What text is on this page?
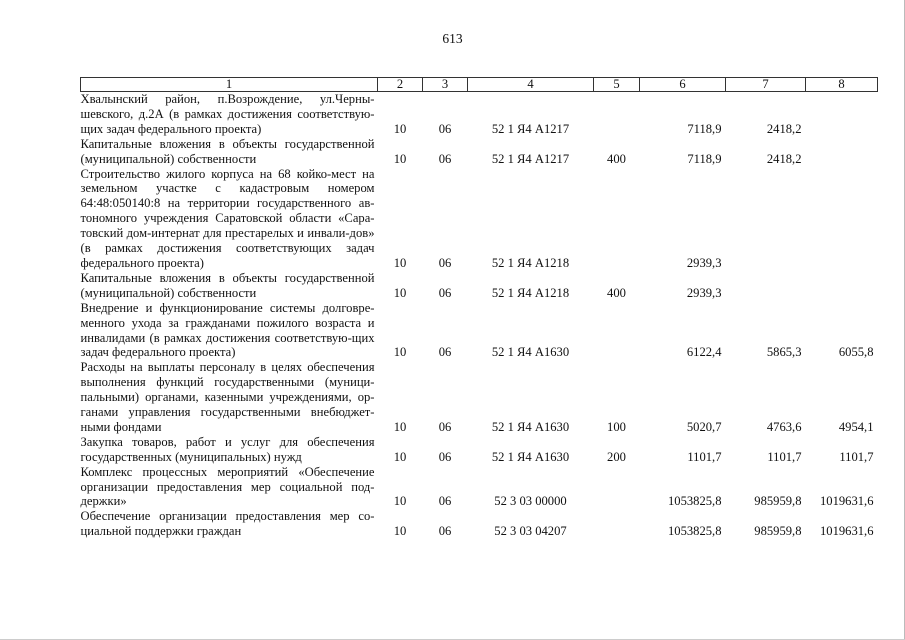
613
1	2	3	4	5	6	7	8
Хвалынский район, п.Возрождение, ул.Черны-шевского, д.2А (в рамках достижения соответствую-щих задач федерального проекта)	10	06	52 1 Я4 А1217		7118,9	2418,2	
Капитальные вложения в объекты государственной (муниципальной) собственности	10	06	52 1 Я4 А1217	400	7118,9	2418,2	
Строительство жилого корпуса на 68 койко-мест на земельном участке с кадастровым номером 64:48:050140:8 на территории государственного ав-тономного учреждения Саратовской области «Сара-товский дом-интернат для престарелых и инвали-дов» (в рамках достижения соответствующих задач федерального проекта)	10	06	52 1 Я4 А1218		2939,3		
Капитальные вложения в объекты государственной (муниципальной) собственности	10	06	52 1 Я4 А1218	400	2939,3		
Внедрение и функционирование системы долговре-менного ухода за гражданами пожилого возраста и инвалидами (в рамках достижения соответствую-щих задач федерального проекта)	10	06	52 1 Я4 А1630		6122,4	5865,3	6055,8
Расходы на выплаты персоналу в целях обеспечения выполнения функций государственными (муници-пальными) органами, казенными учреждениями, ор-ганами управления государственными внебюджет-ными фондами	10	06	52 1 Я4 А1630	100	5020,7	4763,6	4954,1
Закупка товаров, работ и услуг для обеспечения государственных (муниципальных) нужд	10	06	52 1 Я4 А1630	200	1101,7	1101,7	1101,7
Комплекс процессных мероприятий «Обеспечение организации предоставления мер социальной под-держки»	10	06	52 3 03 00000		1053825,8	985959,8	1019631,6
Обеспечение организации предоставления мер со-циальной поддержки граждан	10	06	52 3 03 04207		1053825,8	985959,8	1019631,6
